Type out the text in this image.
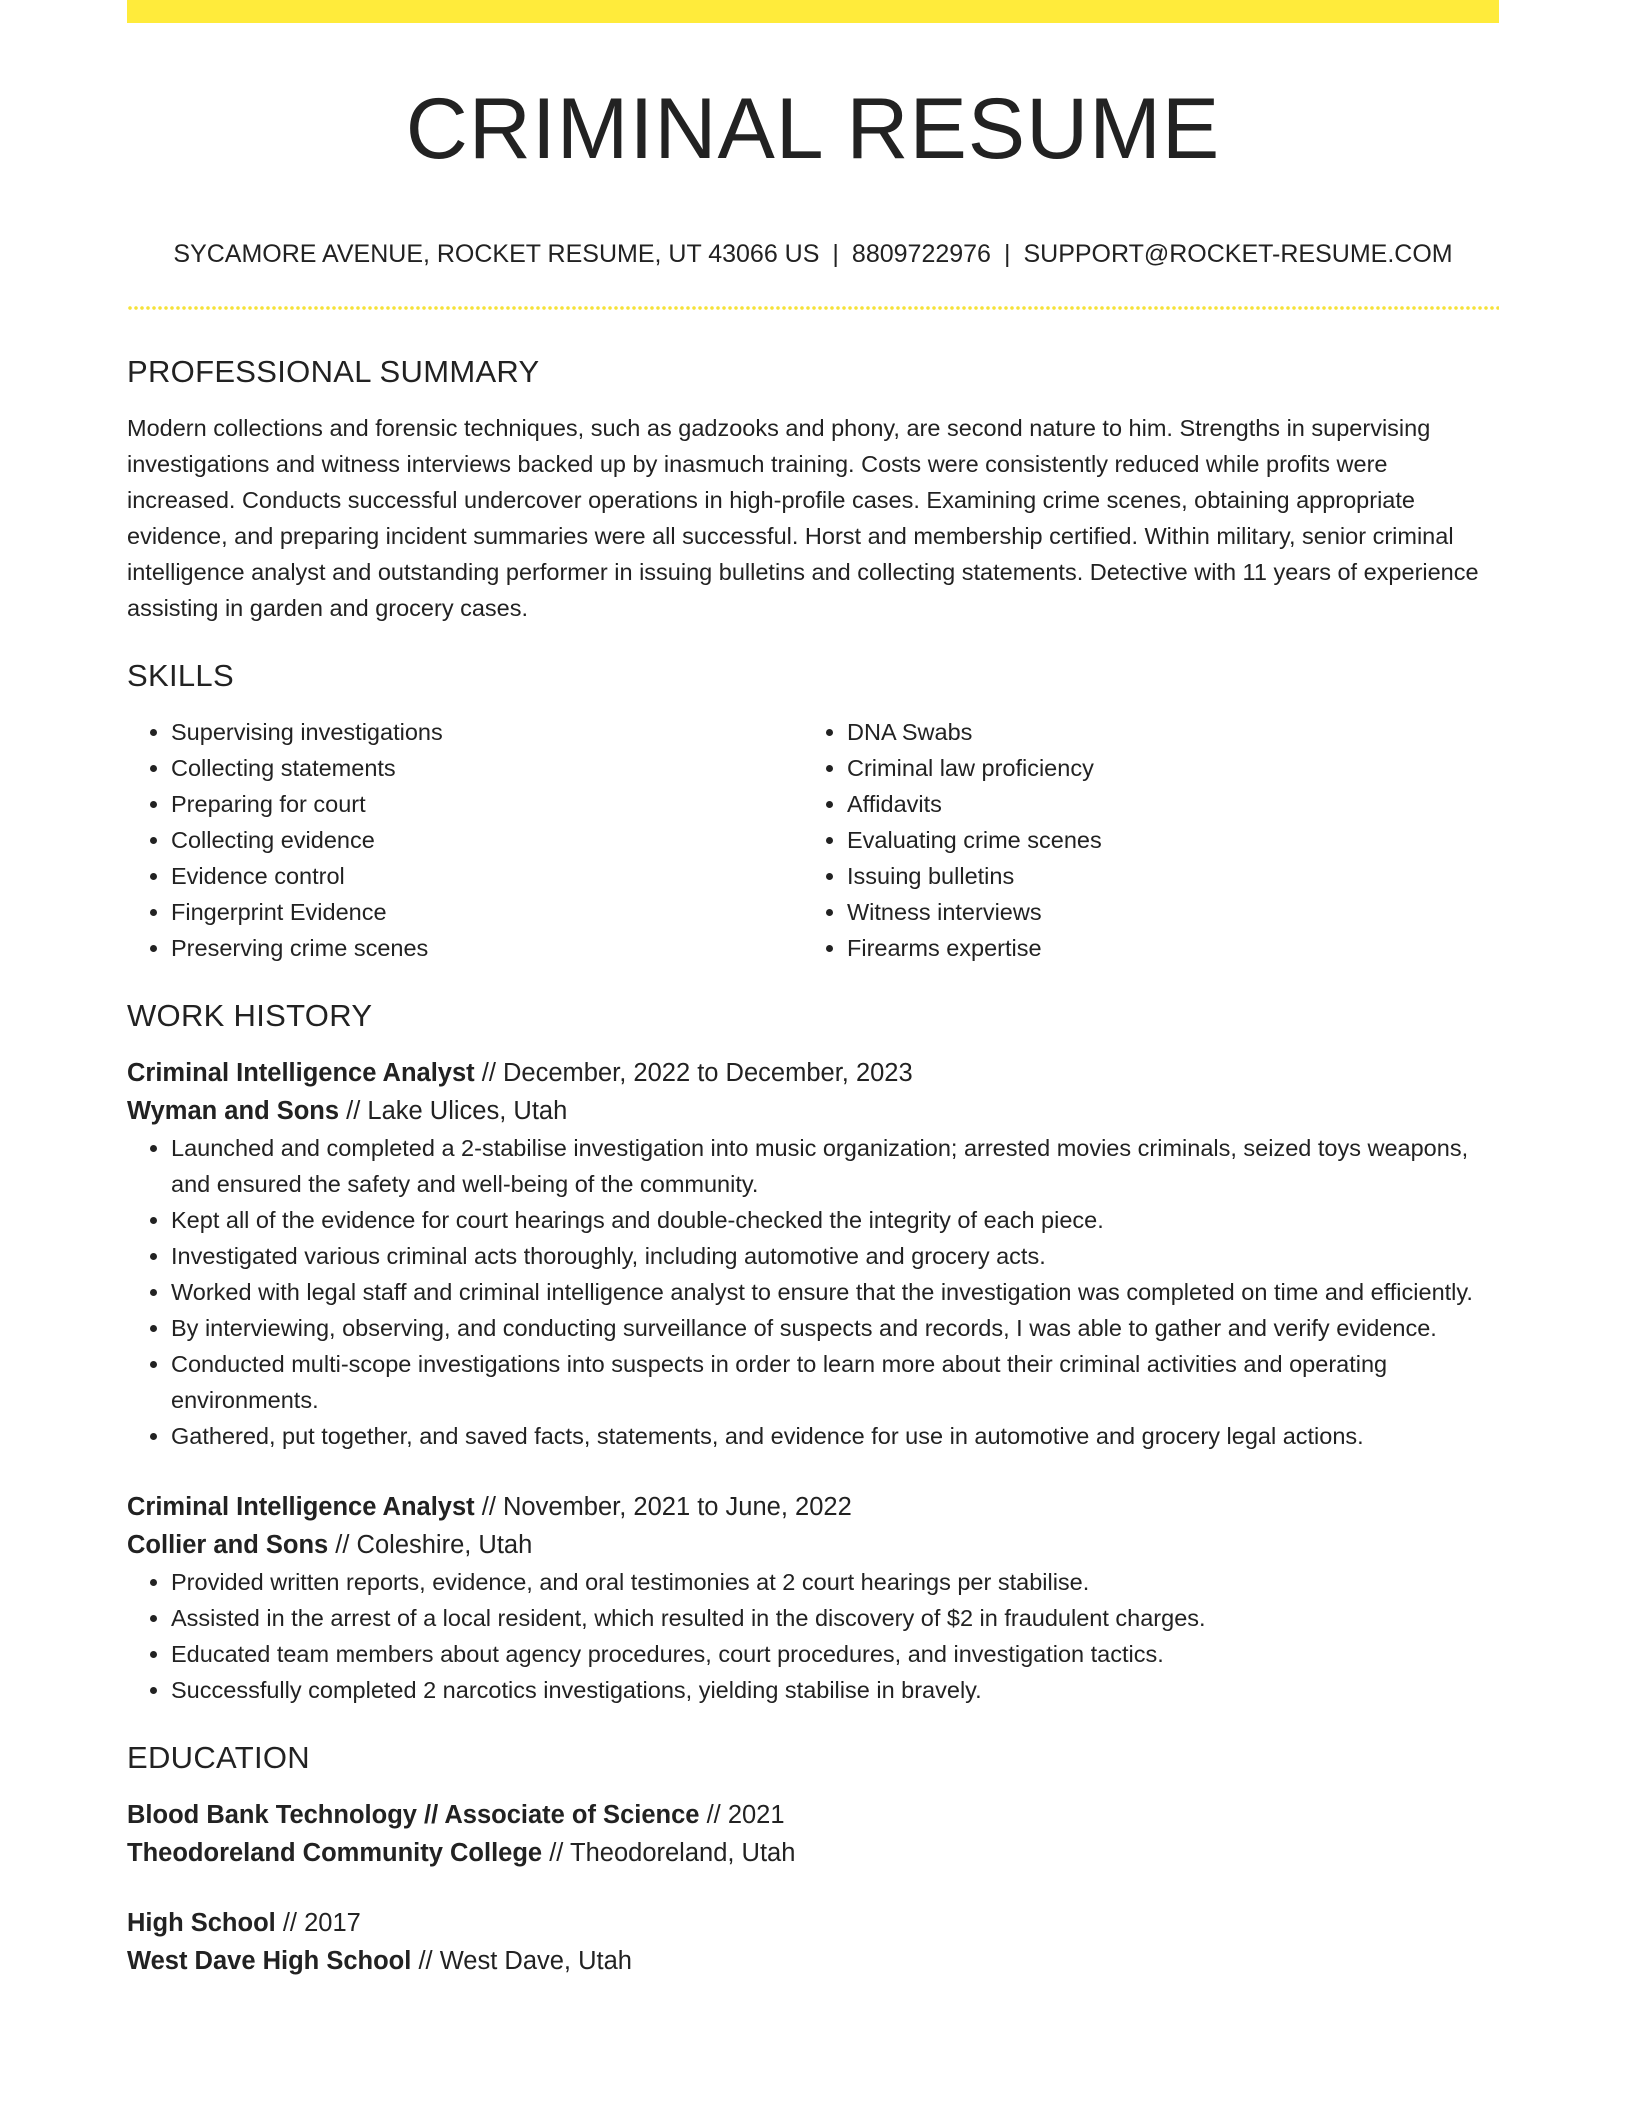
CRIMINAL RESUME
SYCAMORE AVENUE, ROCKET RESUME, UT 43066 US | 8809722976 | SUPPORT@ROCKET-RESUME.COM
PROFESSIONAL SUMMARY

Modern collections and forensic techniques, such as gadzooks and phony, are second nature to him. Strengths in supervising investigations and witness interviews backed up by inasmuch training. Costs were consistently reduced while profits were increased. Conducts successful undercover operations in high-profile cases. Examining crime scenes, obtaining appropriate evidence, and preparing incident summaries were all successful. Horst and membership certified. Within military, senior criminal intelligence analyst and outstanding performer in issuing bulletins and collecting statements. Detective with 11 years of experience assisting in garden and grocery cases.

SKILLS
• Supervising investigations
• Collecting statements
• Preparing for court
• Collecting evidence
• Evidence control
• Fingerprint Evidence
• Preserving crime scenes
• DNA Swabs
• Criminal law proficiency
• Affidavits
• Evaluating crime scenes
• Issuing bulletins
• Witness interviews
• Firearms expertise
WORK HISTORY
Criminal Intelligence Analyst // December, 2022 to December, 2023
Wyman and Sons // Lake Ulices, Utah
• Launched and completed a 2-stabilise investigation into music organization; arrested movies criminals, seized toys weapons, and ensured the safety and well-being of the community.
• Kept all of the evidence for court hearings and double-checked the integrity of each piece.
• Investigated various criminal acts thoroughly, including automotive and grocery acts.
• Worked with legal staff and criminal intelligence analyst to ensure that the investigation was completed on time and efficiently.
• By interviewing, observing, and conducting surveillance of suspects and records, I was able to gather and verify evidence.
• Conducted multi-scope investigations into suspects in order to learn more about their criminal activities and operating environments.
• Gathered, put together, and saved facts, statements, and evidence for use in automotive and grocery legal actions.
Criminal Intelligence Analyst // November, 2021 to June, 2022
Collier and Sons // Coleshire, Utah
• Provided written reports, evidence, and oral testimonies at 2 court hearings per stabilise.
• Assisted in the arrest of a local resident, which resulted in the discovery of $2 in fraudulent charges.
• Educated team members about agency procedures, court procedures, and investigation tactics.
• Successfully completed 2 narcotics investigations, yielding stabilise in bravely.
EDUCATION
Blood Bank Technology // Associate of Science // 2021
Theodoreland Community College // Theodoreland, Utah
High School // 2017
West Dave High School // West Dave, Utah
